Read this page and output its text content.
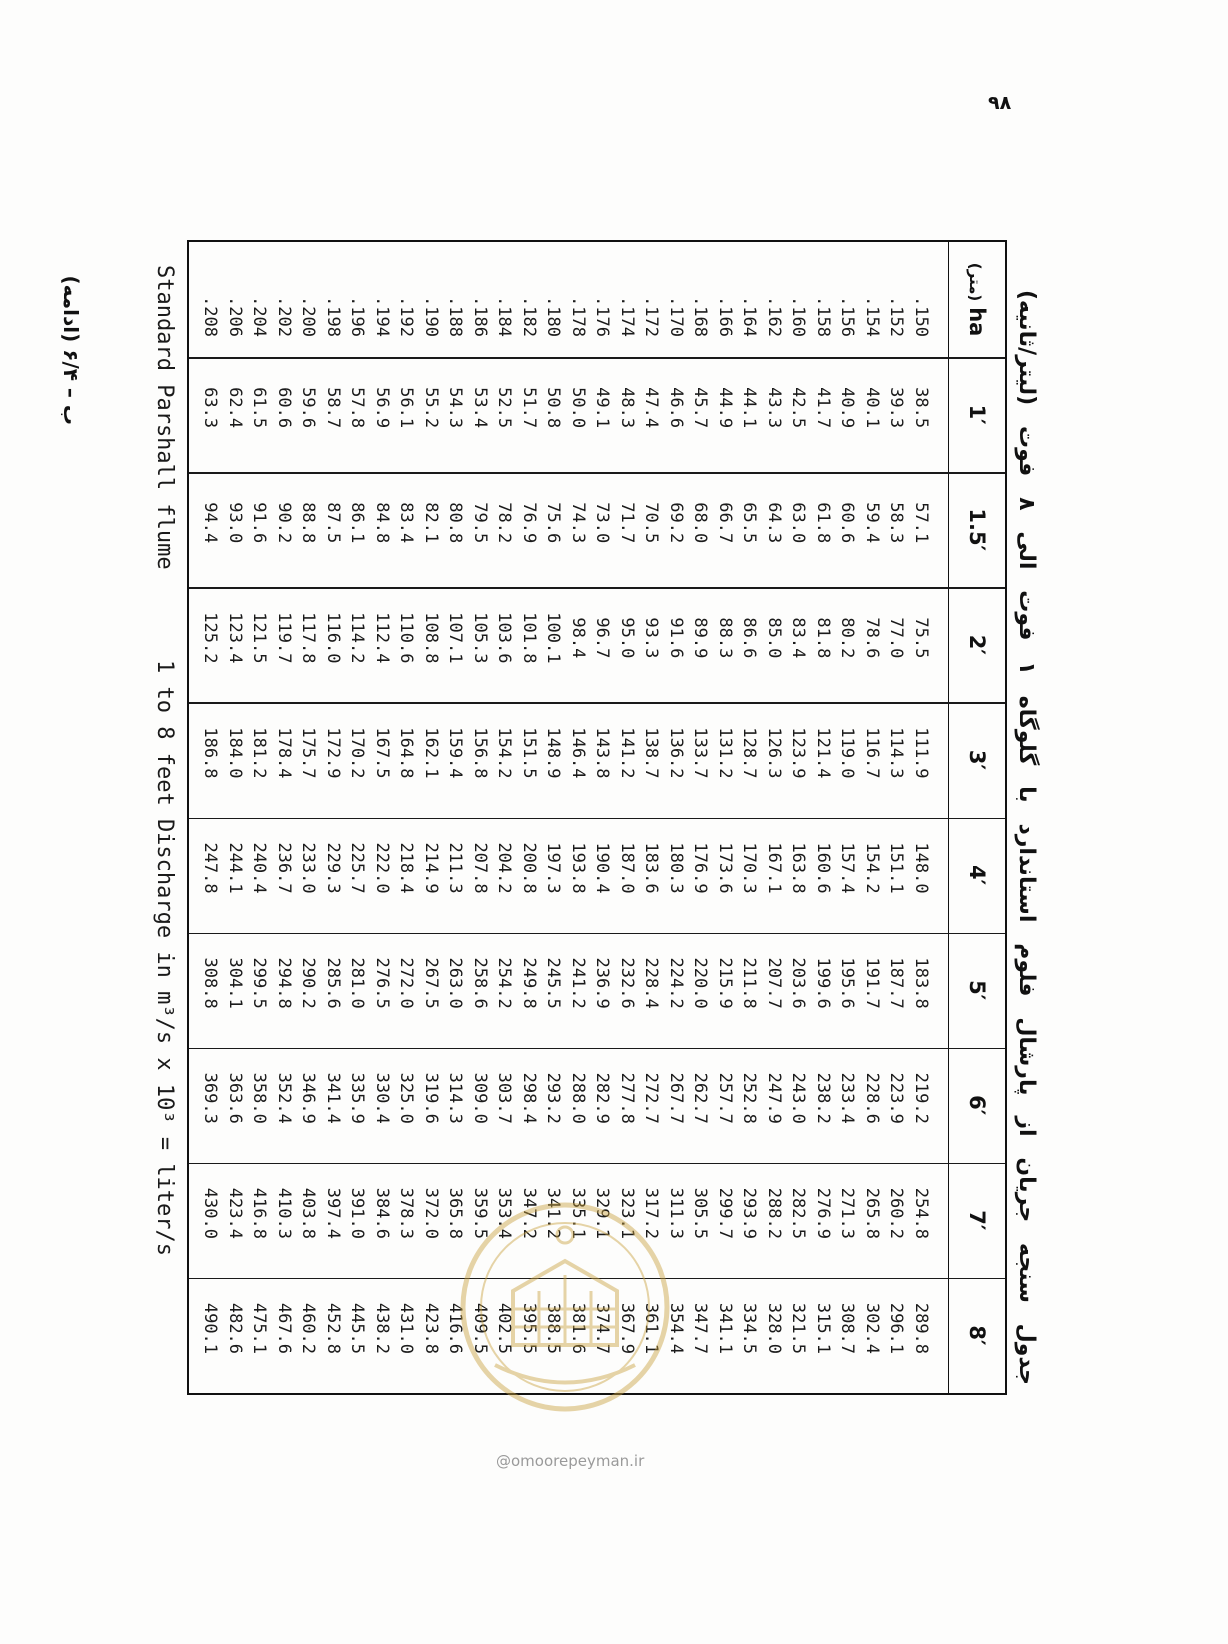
۹۸
جدول سنجه جریان از پارشال فلوم استاندارد با گلوگاه ۱ فوت الی ۸ فوت (لیتر/ثانیه)
(متر)
ha
1′
1.5′
2′
3′
4′
5′
6′
7′
8′
.150
38.5
57.1
75.5
111.9
148.0
183.8
219.2
254.8
289.8
.152
39.3
58.3
77.0
114.3
151.1
187.7
223.9
260.2
296.1
.154
40.1
59.4
78.6
116.7
154.2
191.7
228.6
265.8
302.4
.156
40.9
60.6
80.2
119.0
157.4
195.6
233.4
271.3
308.7
.158
41.7
61.8
81.8
121.4
160.6
199.6
238.2
276.9
315.1
.160
42.5
63.0
83.4
123.9
163.8
203.6
243.0
282.5
321.5
.162
43.3
64.3
85.0
126.3
167.1
207.7
247.9
288.2
328.0
.164
44.1
65.5
86.6
128.7
170.3
211.8
252.8
293.9
334.5
.166
44.9
66.7
88.3
131.2
173.6
215.9
257.7
299.7
341.1
.168
45.7
68.0
89.9
133.7
176.9
220.0
262.7
305.5
347.7
.170
46.6
69.2
91.6
136.2
180.3
224.2
267.7
311.3
354.4
.172
47.4
70.5
93.3
138.7
183.6
228.4
272.7
317.2
361.1
.174
48.3
71.7
95.0
141.2
187.0
232.6
277.8
323.1
367.9
.176
49.1
73.0
96.7
143.8
190.4
236.9
282.9
329.1
374.7
.178
50.0
74.3
98.4
146.4
193.8
241.2
288.0
335.1
381.6
.180
50.8
75.6
100.1
148.9
197.3
245.5
293.2
341.2
388.5
.182
51.7
76.9
101.8
151.5
200.8
249.8
298.4
347.2
395.5
.184
52.5
78.2
103.6
154.2
204.2
254.2
303.7
353.4
402.5
.186
53.4
79.5
105.3
156.8
207.8
258.6
309.0
359.5
409.5
.188
54.3
80.8
107.1
159.4
211.3
263.0
314.3
365.8
416.6
.190
55.2
82.1
108.8
162.1
214.9
267.5
319.6
372.0
423.8
.192
56.1
83.4
110.6
164.8
218.4
272.0
325.0
378.3
431.0
.194
56.9
84.8
112.4
167.5
222.0
276.5
330.4
384.6
438.2
.196
57.8
86.1
114.2
170.2
225.7
281.0
335.9
391.0
445.5
.198
58.7
87.5
116.0
172.9
229.3
285.6
341.4
397.4
452.8
.200
59.6
88.8
117.8
175.7
233.0
290.2
346.9
403.8
460.2
.202
60.6
90.2
119.7
178.4
236.7
294.8
352.4
410.3
467.6
.204
61.5
91.6
121.5
181.2
240.4
299.5
358.0
416.8
475.1
.206
62.4
93.0
123.4
184.0
244.1
304.1
363.6
423.4
482.6
.208
63.3
94.4
125.2
186.8
247.8
308.8
369.3
430.0
490.1
Standard Parshall flume
1 to 8 feet Discharge in m³/s x 10³ = liter/s
ب – ۶/۴ (ادامه)
@omoorepeyman.ir
